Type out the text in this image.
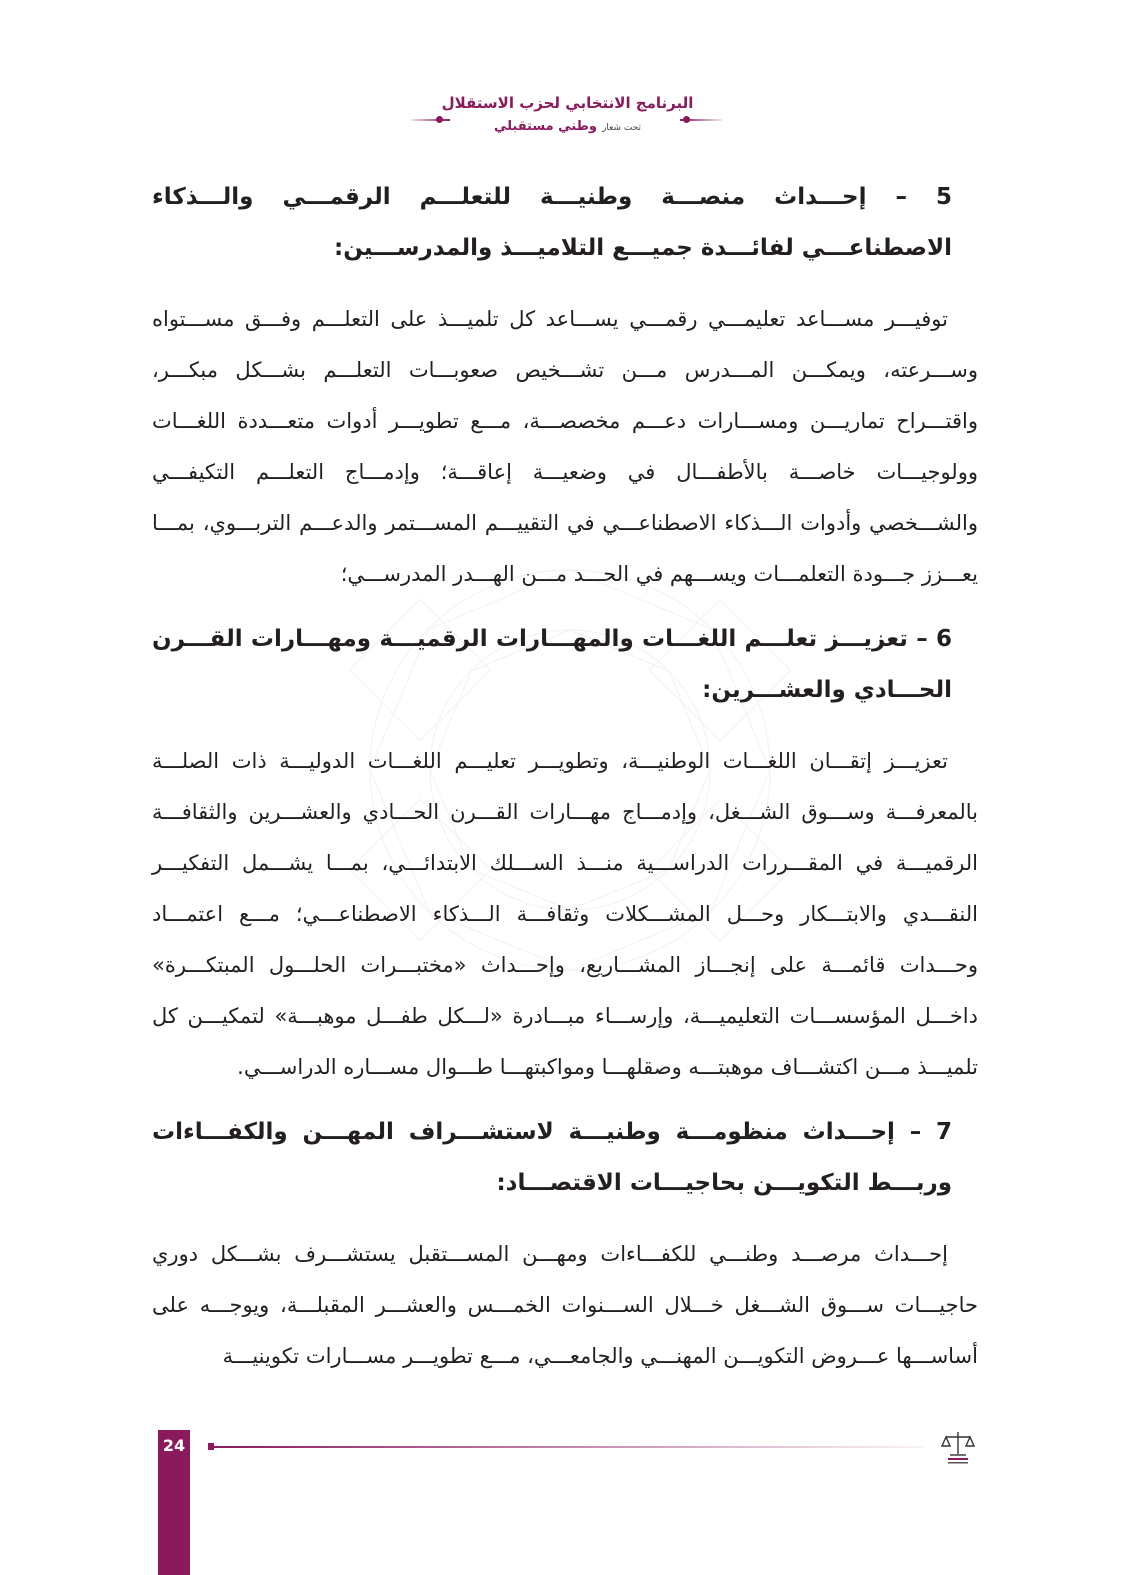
البرنامج الانتخابي لحزب الاستقلال
تحت شعار وطني مستقبلي

5 – إحـــداث منصـــة وطنيـــة للتعلـــم الرقمـــي والـــذكاء الاصطناعـــي لفائـــدة جميـــع التلاميـــذ والمدرســـين:

توفيـــر مســـاعد تعليمـــي رقمـــي يســـاعد كل تلميـــذ على التعلـــم وفـــق مســـتواه وســـرعته، ويمكـــن المـــدرس مـــن تشـــخيص صعوبـــات التعلـــم بشـــكل مبكـــر، واقتـــراح تماريـــن ومســـارات دعـــم مخصصـــة، مـــع تطويـــر أدوات متعـــددة اللغـــات وولوجيـــات خاصـــة بالأطفـــال في وضعيـــة إعاقـــة؛ وإدمـــاج التعلـــم التكيفـــي والشـــخصي وأدوات الـــذكاء الاصطناعـــي في التقييـــم المســـتمر والدعـــم التربـــوي، بمـــا يعـــزز جـــودة التعلمـــات ويســـهم في الحـــد مـــن الهـــدر المدرســـي؛

6 – تعزيـــز تعلـــم اللغـــات والمهـــارات الرقميـــة ومهـــارات القـــرن الحـــادي والعشـــرين:

تعزيـــز إتقـــان اللغـــات الوطنيـــة، وتطويـــر تعليـــم اللغـــات الدوليـــة ذات الصلـــة بالمعرفـــة وســـوق الشـــغل، وإدمـــاج مهـــارات القـــرن الحـــادي والعشـــرين والثقافـــة الرقميـــة في المقـــررات الدراســـية منـــذ الســـلك الابتدائـــي، بمـــا يشـــمل التفكيـــر النقـــدي والابتـــكار وحـــل المشـــكلات وثقافـــة الـــذكاء الاصطناعـــي؛ مـــع اعتمـــاد وحـــدات قائمـــة على إنجـــاز المشـــاريع، وإحـــداث «مختبـــرات الحلـــول المبتكـــرة» داخـــل المؤسســـات التعليميـــة، وإرســـاء مبـــادرة «لـــكل طفـــل موهبـــة» لتمكيـــن كل تلميـــذ مـــن اكتشـــاف موهبتـــه وصقلهـــا ومواكبتهـــا طـــوال مســـاره الدراســـي.

7 – إحـــداث منظومـــة وطنيـــة لاستشـــراف المهـــن والكفـــاءات وربـــط التكويـــن بحاجيـــات الاقتصـــاد:

إحـــداث مرصـــد وطنـــي للكفـــاءات ومهـــن المســـتقبل يستشـــرف بشـــكل دوري حاجيـــات ســـوق الشـــغل خـــلال الســـنوات الخمـــس والعشـــر المقبلـــة، ويوجـــه على أساســـها عـــروض التكويـــن المهنـــي والجامعـــي، مـــع تطويـــر مســـارات تكوينيـــة

24
